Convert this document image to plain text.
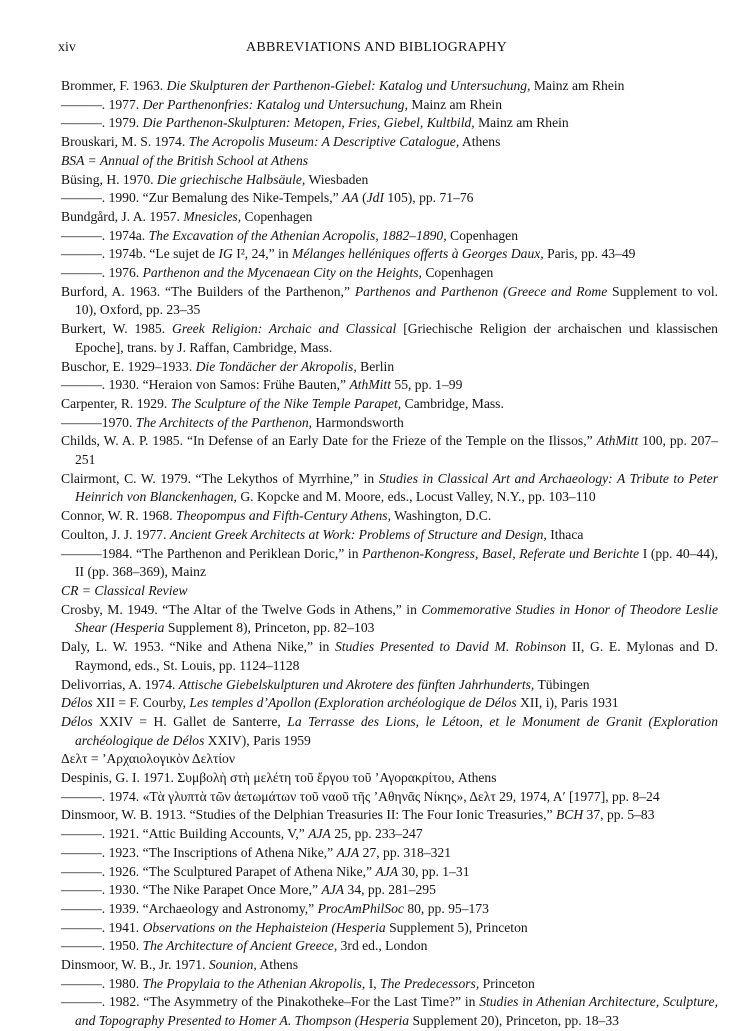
xiv	ABBREVIATIONS AND BIBLIOGRAPHY

Brommer, F. 1963. Die Skulpturen der Parthenon-Giebel: Katalog und Untersuchung, Mainz am Rhein

———. 1977. Der Parthenonfries: Katalog und Untersuchung, Mainz am Rhein

———. 1979. Die Parthenon-Skulpturen: Metopen, Fries, Giebel, Kultbild, Mainz am Rhein

Brouskari, M. S. 1974. The Acropolis Museum: A Descriptive Catalogue, Athens

BSA = Annual of the British School at Athens

Büsing, H. 1970. Die griechische Halbsäule, Wiesbaden

———. 1990. “Zur Bemalung des Nike-Tempels,” AA (JdI 105), pp. 71–76

Bundgård, J. A. 1957. Mnesicles, Copenhagen

———. 1974a. The Excavation of the Athenian Acropolis, 1882–1890, Copenhagen

———. 1974b. “Le sujet de IG I², 24,” in Mélanges helléniques offerts à Georges Daux, Paris, pp. 43–49

———. 1976. Parthenon and the Mycenaean City on the Heights, Copenhagen

Burford, A. 1963. “The Builders of the Parthenon,” Parthenos and Parthenon (Greece and Rome Supplement to vol. 10), Oxford, pp. 23–35

Burkert, W. 1985. Greek Religion: Archaic and Classical [Griechische Religion der archaischen und klassischen Epoche], trans. by J. Raffan, Cambridge, Mass.

Buschor, E. 1929–1933. Die Tondächer der Akropolis, Berlin

———. 1930. “Heraion von Samos: Frühe Bauten,” AthMitt 55, pp. 1–99

Carpenter, R. 1929. The Sculpture of the Nike Temple Parapet, Cambridge, Mass.

———1970. The Architects of the Parthenon, Harmondsworth

Childs, W. A. P. 1985. “In Defense of an Early Date for the Frieze of the Temple on the Ilissos,” AthMitt 100, pp. 207–251

Clairmont, C. W. 1979. “The Lekythos of Myrrhine,” in Studies in Classical Art and Archaeology: A Tribute to Peter Heinrich von Blanckenhagen, G. Kopcke and M. Moore, eds., Locust Valley, N.Y., pp. 103–110

Connor, W. R. 1968. Theopompus and Fifth-Century Athens, Washington, D.C.

Coulton, J. J. 1977. Ancient Greek Architects at Work: Problems of Structure and Design, Ithaca

———1984. “The Parthenon and Periklean Doric,” in Parthenon-Kongress, Basel, Referate und Berichte I (pp. 40–44), II (pp. 368–369), Mainz

CR = Classical Review

Crosby, M. 1949. “The Altar of the Twelve Gods in Athens,” in Commemorative Studies in Honor of Theodore Leslie Shear (Hesperia Supplement 8), Princeton, pp. 82–103

Daly, L. W. 1953. “Nike and Athena Nike,” in Studies Presented to David M. Robinson II, G. E. Mylonas and D. Raymond, eds., St. Louis, pp. 1124–1128

Delivorrias, A. 1974. Attische Giebelskulpturen und Akrotere des fünften Jahrhunderts, Tübingen

Délos XII = F. Courby, Les temples d’Apollon (Exploration archéologique de Délos XII, i), Paris 1931

Délos XXIV = H. Gallet de Santerre, La Terrasse des Lions, le Létoon, et le Monument de Granit (Exploration archéologique de Délos XXIV), Paris 1959

Δελτ = ’Αρχαιολογικὸν Δελτίον

Despinis, G. I. 1971. Συμβολὴ στὴ μελέτη τοῦ ἔργου τοῦ ’Αγορακρίτου, Athens

———. 1974. «Τὰ γλυπτὰ τῶν ἀετωμάτων τοῦ ναοῦ τῆς ’Αθηνᾶς Νίκης», Δελτ 29, 1974, Α′ [1977], pp. 8–24

Dinsmoor, W. B. 1913. “Studies of the Delphian Treasuries II: The Four Ionic Treasuries,” BCH 37, pp. 5–83

———. 1921. “Attic Building Accounts, V,” AJA 25, pp. 233–247

———. 1923. “The Inscriptions of Athena Nike,” AJA 27, pp. 318–321

———. 1926. “The Sculptured Parapet of Athena Nike,” AJA 30, pp. 1–31

———. 1930. “The Nike Parapet Once More,” AJA 34, pp. 281–295

———. 1939. “Archaeology and Astronomy,” ProcAmPhilSoc 80, pp. 95–173

———. 1941. Observations on the Hephaisteion (Hesperia Supplement 5), Princeton

———. 1950. The Architecture of Ancient Greece, 3rd ed., London

Dinsmoor, W. B., Jr. 1971. Sounion, Athens

———. 1980. The Propylaia to the Athenian Akropolis, I, The Predecessors, Princeton

———. 1982. “The Asymmetry of the Pinakotheke–For the Last Time?” in Studies in Athenian Architecture, Sculpture, and Topography Presented to Homer A. Thompson (Hesperia Supplement 20), Princeton, pp. 18–33
